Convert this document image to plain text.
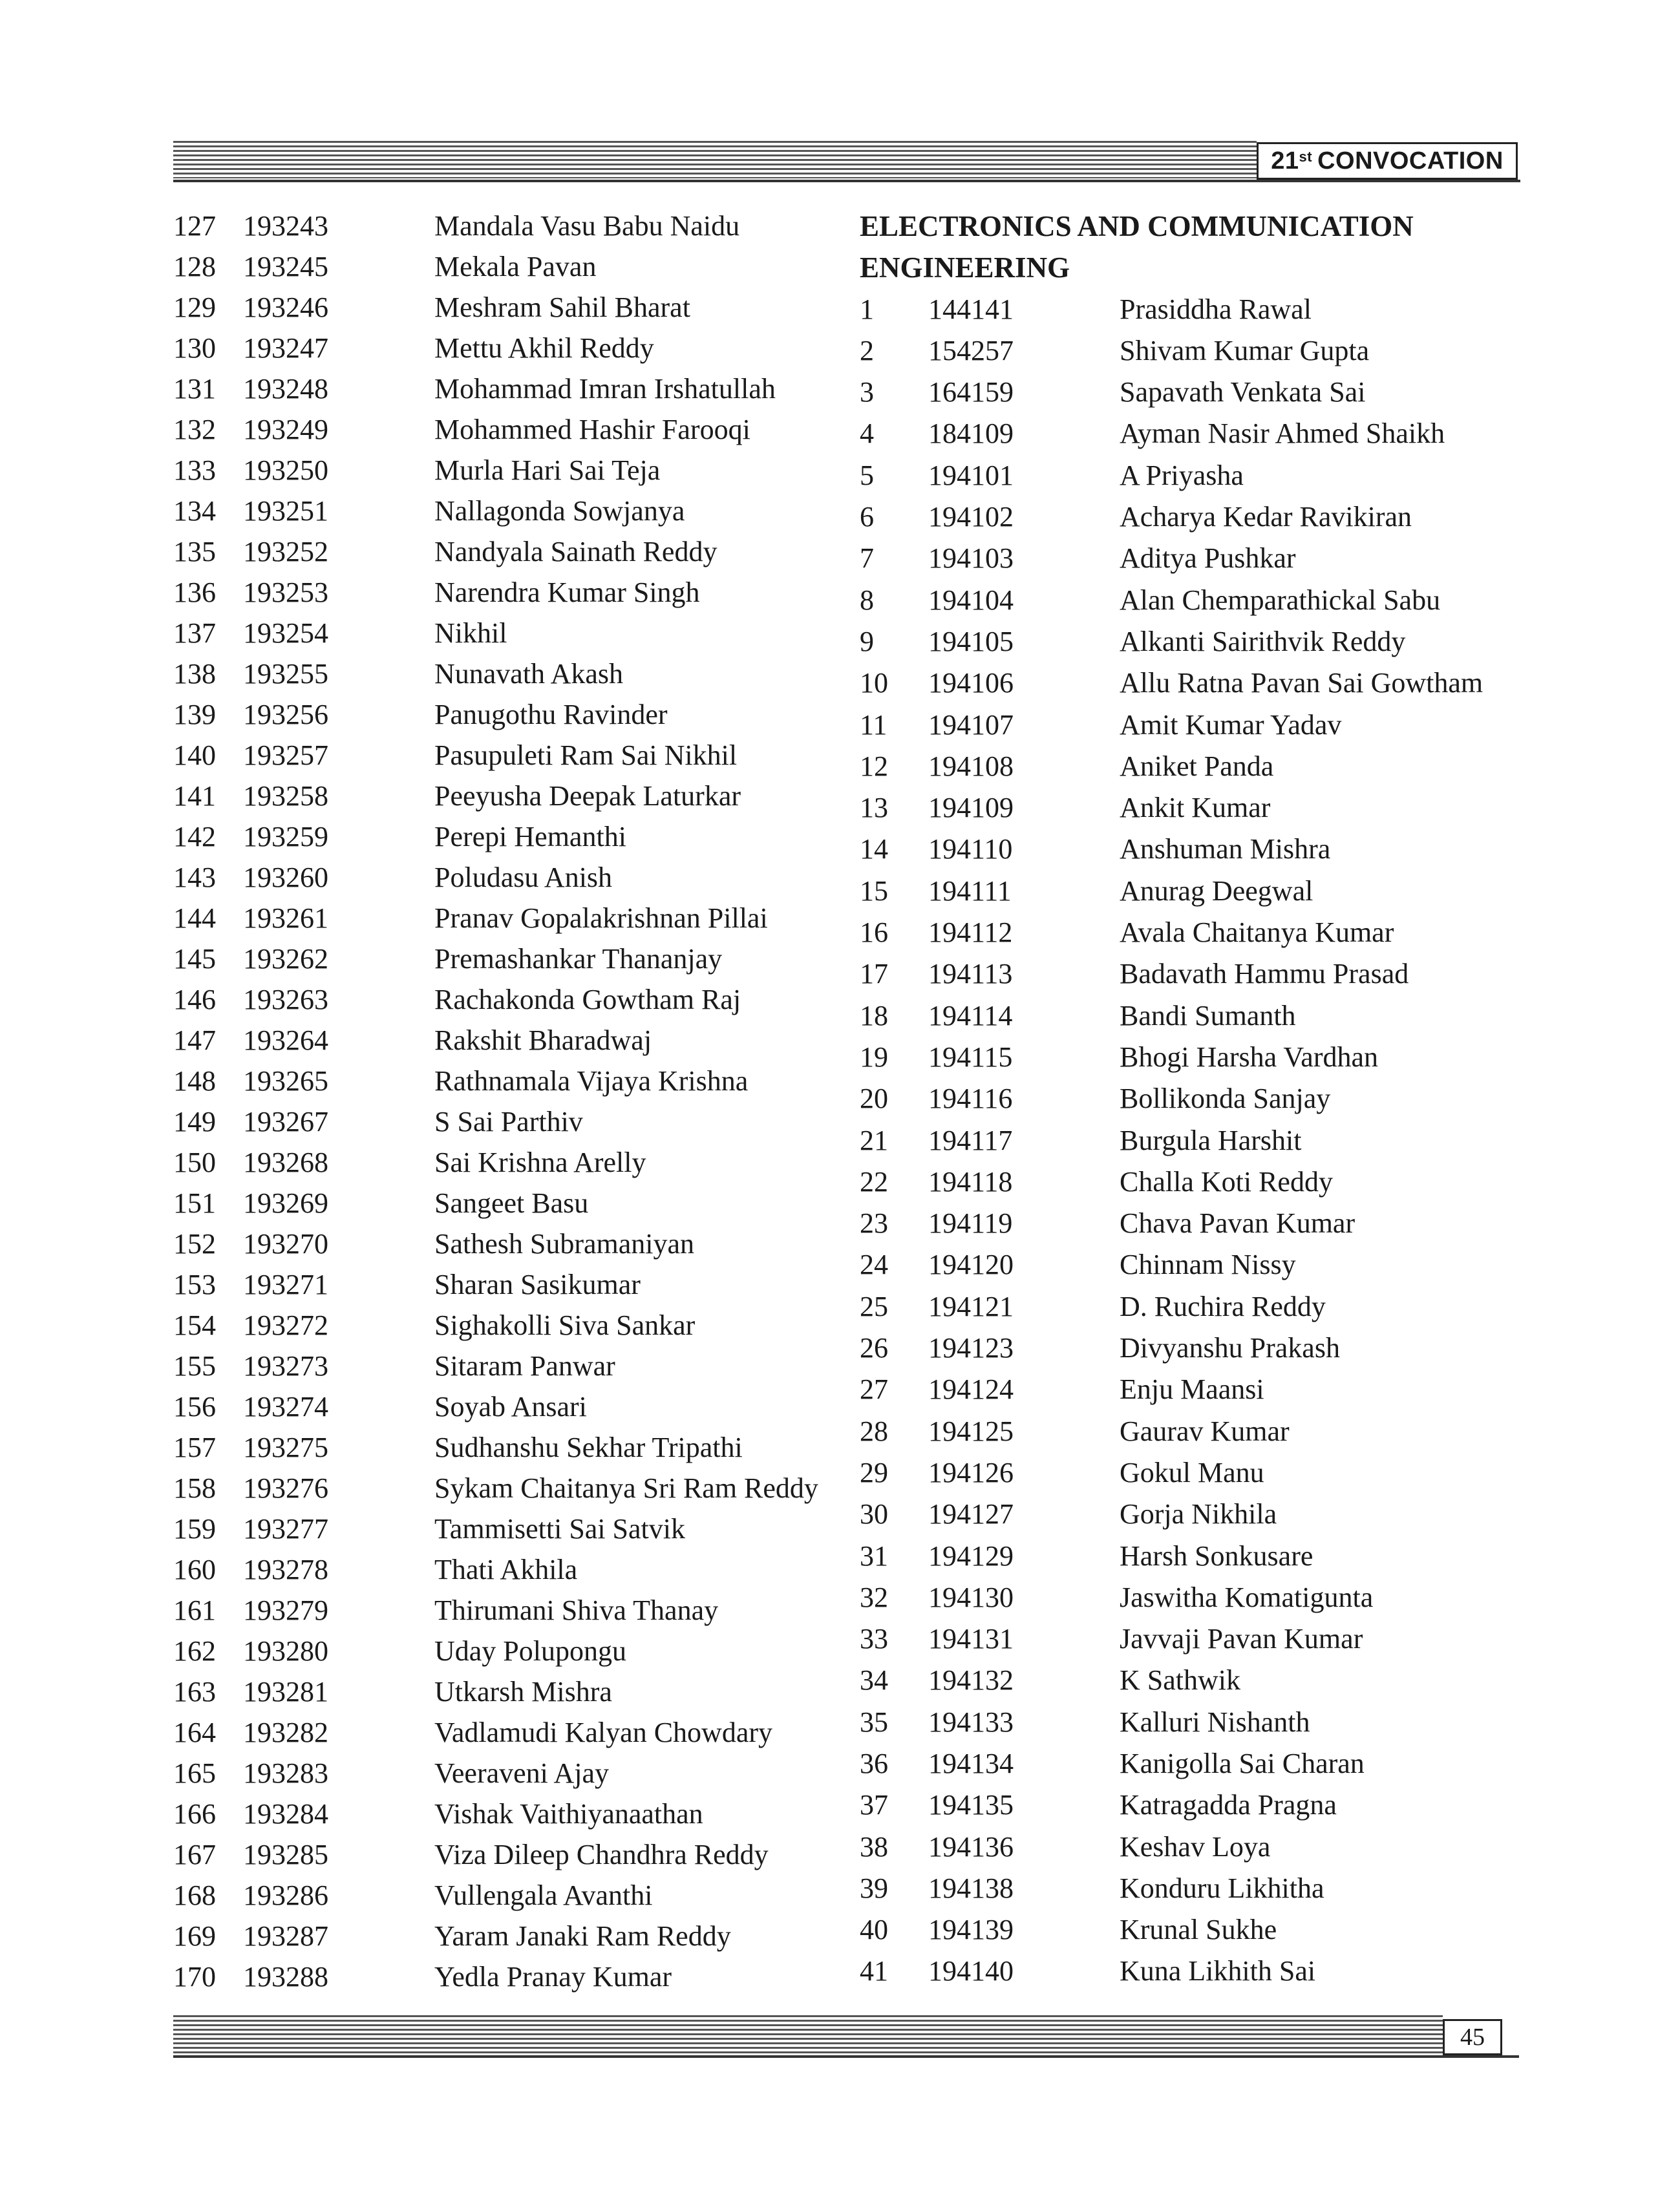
21st CONVOCATION
127 193243	Mandala Vasu Babu Naidu
128 193245	Mekala Pavan
129 193246	Meshram Sahil Bharat
130 193247	Mettu Akhil Reddy
131 193248	Mohammad Imran Irshatullah
132 193249	Mohammed Hashir Farooqi
133 193250	Murla Hari Sai Teja
134 193251	Nallagonda Sowjanya
135 193252	Nandyala Sainath Reddy
136 193253	Narendra Kumar Singh
137 193254	Nikhil
138 193255	Nunavath Akash
139 193256	Panugothu Ravinder
140 193257	Pasupuleti Ram Sai Nikhil
141 193258	Peeyusha Deepak Laturkar
142 193259	Perepi Hemanthi
143 193260	Poludasu Anish
144 193261	Pranav Gopalakrishnan Pillai
145 193262	Premashankar Thananjay
146 193263	Rachakonda Gowtham Raj
147 193264	Rakshit Bharadwaj
148 193265	Rathnamala Vijaya Krishna
149 193267	S Sai Parthiv
150 193268	Sai Krishna Arelly
151 193269	Sangeet Basu
152 193270	Sathesh Subramaniyan
153 193271	Sharan Sasikumar
154 193272	Sighakolli Siva Sankar
155 193273	Sitaram Panwar
156 193274	Soyab Ansari
157 193275	Sudhanshu Sekhar Tripathi
158 193276	Sykam Chaitanya Sri Ram Reddy
159 193277	Tammisetti Sai Satvik
160 193278	Thati Akhila
161 193279	Thirumani Shiva Thanay
162 193280	Uday Polupongu
163 193281	Utkarsh Mishra
164 193282	Vadlamudi Kalyan Chowdary
165 193283	Veeraveni Ajay
166 193284	Vishak Vaithiyanaathan
167 193285	Viza Dileep Chandhra Reddy
168 193286	Vullengala Avanthi
169 193287	Yaram Janaki Ram Reddy
170 193288	Yedla Pranay Kumar
ELECTRONICS AND COMMUNICATION
ENGINEERING
1	144141	Prasiddha Rawal
2	154257	Shivam Kumar Gupta
3	164159	Sapavath Venkata Sai
4	184109	Ayman Nasir Ahmed Shaikh
5	194101	A Priyasha
6	194102	Acharya Kedar Ravikiran
7	194103	Aditya Pushkar
8	194104	Alan Chemparathickal Sabu
9	194105	Alkanti Sairithvik Reddy
10	194106	Allu Ratna Pavan Sai Gowtham
11	194107	Amit Kumar Yadav
12	194108	Aniket Panda
13	194109	Ankit Kumar
14	194110	Anshuman Mishra
15	194111	Anurag Deegwal
16	194112	Avala Chaitanya Kumar
17	194113	Badavath Hammu Prasad
18	194114	Bandi Sumanth
19	194115	Bhogi Harsha Vardhan
20	194116	Bollikonda Sanjay
21	194117	Burgula Harshit
22	194118	Challa Koti Reddy
23	194119	Chava Pavan Kumar
24	194120	Chinnam Nissy
25	194121	D. Ruchira Reddy
26	194123	Divyanshu Prakash
27	194124	Enju Maansi
28	194125	Gaurav Kumar
29	194126	Gokul Manu
30	194127	Gorja Nikhila
31	194129	Harsh Sonkusare
32	194130	Jaswitha Komatigunta
33	194131	Javvaji Pavan Kumar
34	194132	K Sathwik
35	194133	Kalluri Nishanth
36	194134	Kanigolla Sai Charan
37	194135	Katragadda Pragna
38	194136	Keshav Loya
39	194138	Konduru Likhitha
40	194139	Krunal Sukhe
41	194140	Kuna Likhith Sai
45
